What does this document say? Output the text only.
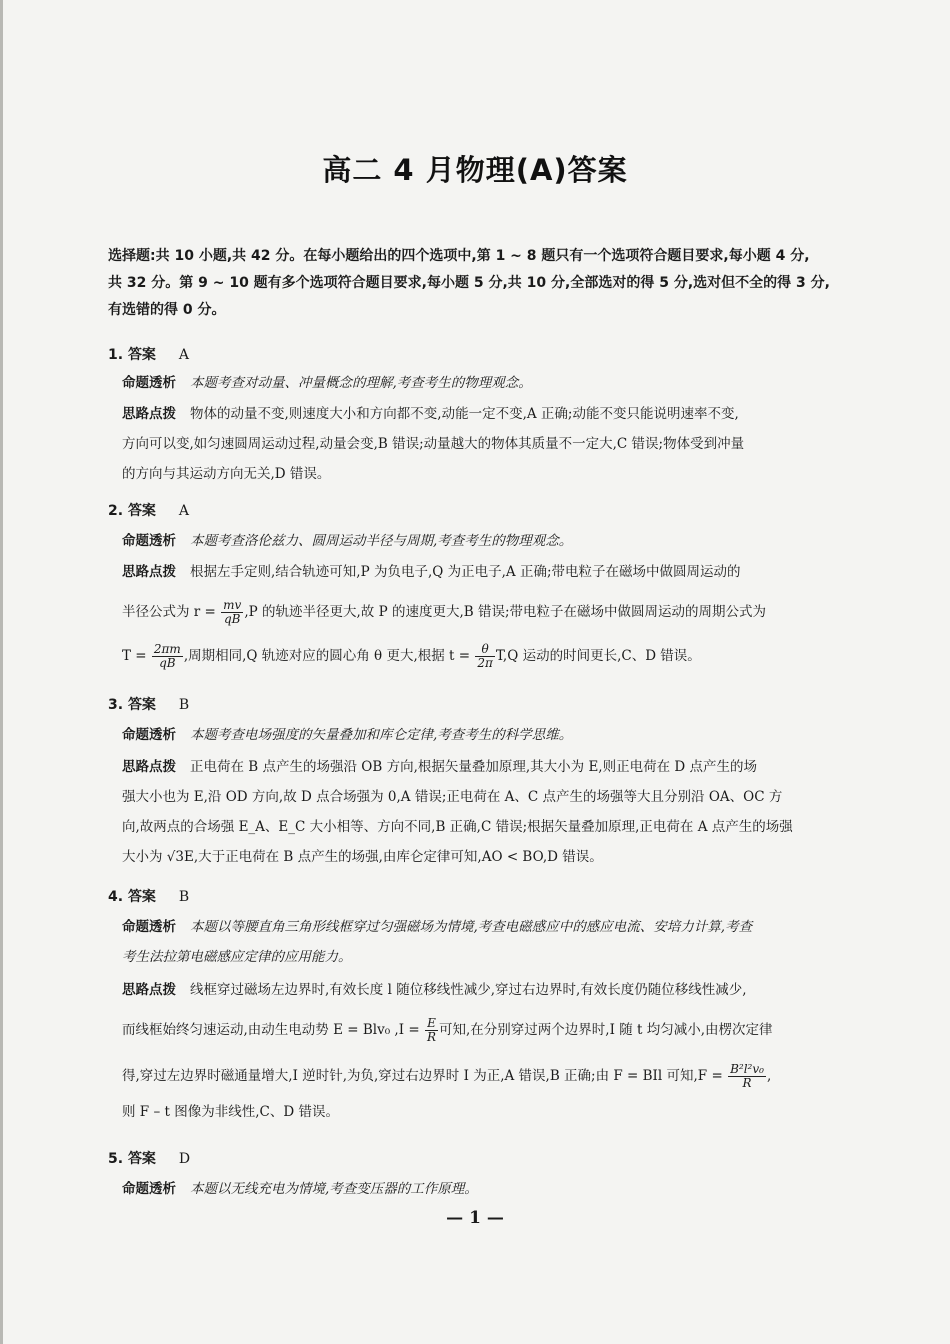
高二 4 月物理(A)答案
选择题:共 10 小题,共 42 分。在每小题给出的四个选项中,第 1 ~ 8 题只有一个选项符合题目要求,每小题 4 分,
共 32 分。第 9 ~ 10 题有多个选项符合题目要求,每小题 5 分,共 10 分,全部选对的得 5 分,选对但不全的得 3 分,
有选错的得 0 分。
1. 答案 A
命题透析 本题考查对动量、冲量概念的理解,考查考生的物理观念。
思路点拨 物体的动量不变,则速度大小和方向都不变,动能一定不变,A 正确;动能不变只能说明速率不变,
方向可以变,如匀速圆周运动过程,动量会变,B 错误;动量越大的物体其质量不一定大,C 错误;物体受到冲量
的方向与其运动方向无关,D 错误。
2. 答案 A
命题透析 本题考查洛伦兹力、圆周运动半径与周期,考查考生的物理观念。
思路点拨 根据左手定则,结合轨迹可知,P 为负电子,Q 为正电子,A 正确;带电粒子在磁场中做圆周运动的
半径公式为 $r = \frac{mv}{qB} ,P$ 的轨迹半径更大,故 P 的速度更大,B 错误;带电粒子在磁场中做圆周运动的周期公式为
$T = \frac{2\pi m}{qB}$ ,周期相同,Q 轨迹对应的圆心角 θ 更大,根据 $t = \frac{\theta}{2\pi} T,Q$ 运动的时间更长,C、D 错误。
3. 答案 B
命题透析 本题考查电场强度的矢量叠加和库仑定律,考查考生的科学思维。
思路点拨 正电荷在 B 点产生的场强沿 OB 方向,根据矢量叠加原理,其大小为 E,则正电荷在 D 点产生的场
强大小也为 E,沿 OD 方向,故 D 点合场强为 0,A 错误;正电荷在 A、C 点产生的场强等大且分别沿 OA、OC 方
向,故两点的合场强 E_A、E_C 大小相等、方向不同,B 正确,C 错误;根据矢量叠加原理,正电荷在 A 点产生的场强
大小为 √3E,大于正电荷在 B 点产生的场强,由库仑定律可知,AO < BO,D 错误。
4. 答案 B
命题透析 本题以等腰直角三角形线框穿过匀强磁场为情境,考查电磁感应中的感应电流、安培力计算,考查
考生法拉第电磁感应定律的应用能力。
思路点拨 线框穿过磁场左边界时,有效长度 l 随位移线性减少,穿过右边界时,有效长度仍随位移线性减少,
而线框始终匀速运动,由动生电动势 E = Blv₀ $,I = \frac{E}{R}$ 可知,在分别穿过两个边界时,I 随 t 均匀减小,由楞次定律
得,穿过左边界时磁通量增大,I 逆时针,为负,穿过右边界时 I 为正,A 错误,B 正确;由 F = BIl 可知$,F = \frac{\text{B²l²v₀}}{R}$ ,
则 F – t 图像为非线性,C、D 错误。
5. 答案 D
命题透析 本题以无线充电为情境,考查变压器的工作原理。
— 1 —
